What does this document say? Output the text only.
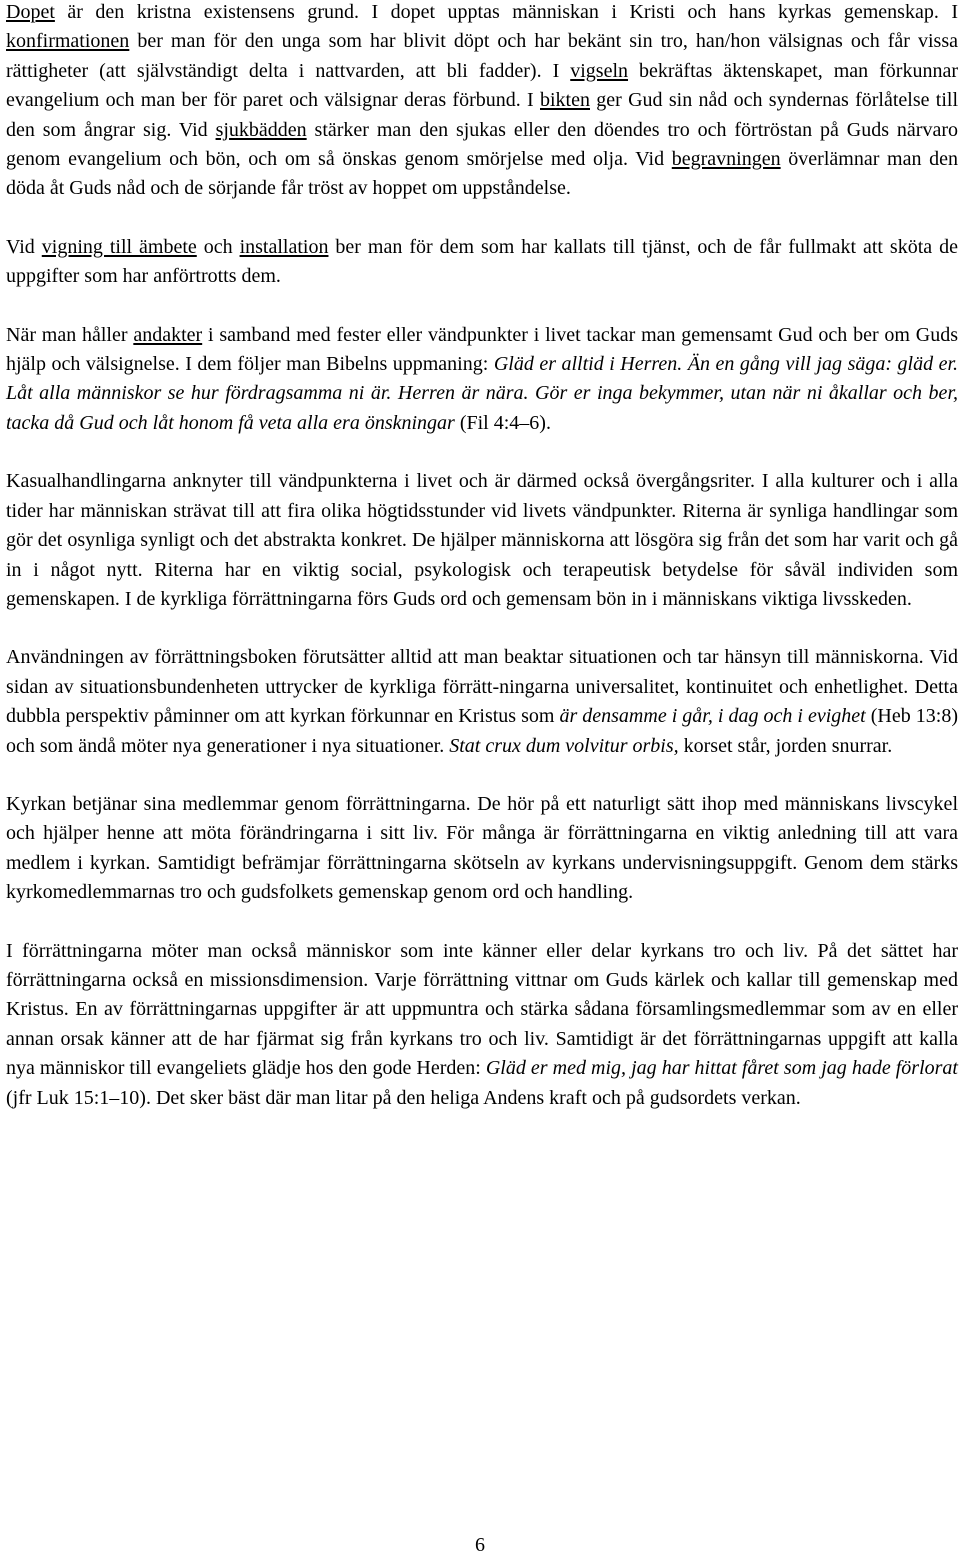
Dopet är den kristna existensens grund. I dopet upptas människan i Kristi och hans kyrkas gemenskap. I konfirmationen ber man för den unga som har blivit döpt och har bekänt sin tro, han/hon välsignas och får vissa rättigheter (att självständigt delta i nattvarden, att bli fadder). I vigseln bekräftas äktenskapet, man förkunnar evangelium och man ber för paret och välsignar deras förbund. I bikten ger Gud sin nåd och syndernas förlåtelse till den som ångrar sig. Vid sjukbädden stärker man den sjukas eller den döendes tro och förtröstan på Guds närvaro genom evangelium och bön, och om så önskas genom smörjelse med olja. Vid begravningen överlämnar man den döda åt Guds nåd och de sörjande får tröst av hoppet om uppståndelse.

Vid vigning till ämbete och installation ber man för dem som har kallats till tjänst, och de får fullmakt att sköta de uppgifter som har anförtrotts dem.

När man håller andakter i samband med fester eller vändpunkter i livet tackar man gemensamt Gud och ber om Guds hjälp och välsignelse. I dem följer man Bibelns uppmaning: Gläd er alltid i Herren. Än en gång vill jag säga: gläd er. Låt alla människor se hur fördragsamma ni är. Herren är nära. Gör er inga bekymmer, utan när ni åkallar och ber, tacka då Gud och låt honom få veta alla era önskningar (Fil 4:4–6).

Kasualhandlingarna anknyter till vändpunkterna i livet och är därmed också övergångsriter. I alla kulturer och i alla tider har människan strävat till att fira olika högtidsstunder vid livets vändpunkter. Riterna är synliga handlingar som gör det osynliga synligt och det abstrakta konkret. De hjälper människorna att lösgöra sig från det som har varit och gå in i något nytt. Riterna har en viktig social, psykologisk och terapeutisk betydelse för såväl individen som gemenskapen. I de kyrkliga förrättningarna förs Guds ord och gemensam bön in i människans viktiga livsskeden.

Användningen av förrättningsboken förutsätter alltid att man beaktar situationen och tar hänsyn till människorna. Vid sidan av situationsbundenheten uttrycker de kyrkliga förrätt-ningarna universalitet, kontinuitet och enhetlighet. Detta dubbla perspektiv påminner om att kyrkan förkunnar en Kristus som är densamme i går, i dag och i evighet (Heb 13:8) och som ändå möter nya generationer i nya situationer. Stat crux dum volvitur orbis, korset står, jorden snurrar.

Kyrkan betjänar sina medlemmar genom förrättningarna. De hör på ett naturligt sätt ihop med människans livscykel och hjälper henne att möta förändringarna i sitt liv. För många är förrättningarna en viktig anledning till att vara medlem i kyrkan. Samtidigt befrämjar förrättningarna skötseln av kyrkans undervisningsuppgift. Genom dem stärks kyrkomedlemmarnas tro och gudsfolkets gemenskap genom ord och handling.

I förrättningarna möter man också människor som inte känner eller delar kyrkans tro och liv. På det sättet har förrättningarna också en missionsdimension. Varje förrättning vittnar om Guds kärlek och kallar till gemenskap med Kristus. En av förrättningarnas uppgifter är att uppmuntra och stärka sådana församlingsmedlemmar som av en eller annan orsak känner att de har fjärmat sig från kyrkans tro och liv. Samtidigt är det förrättningarnas uppgift att kalla nya människor till evangeliets glädje hos den gode Herden: Gläd er med mig, jag har hittat fåret som jag hade förlorat (jfr Luk 15:1–10). Det sker bäst där man litar på den heliga Andens kraft och på gudsordets verkan.

6
